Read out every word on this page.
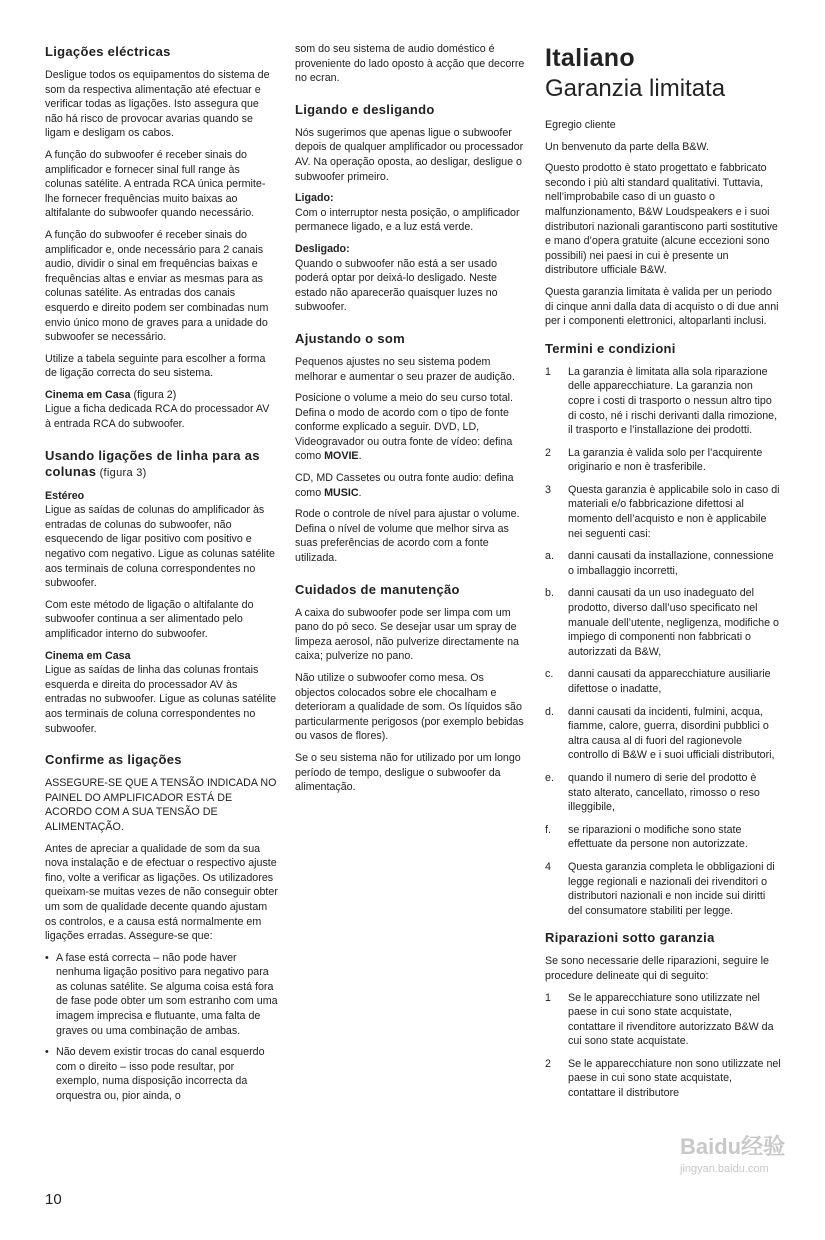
Ligações eléctricas

Desligue todos os equipamentos do sistema de som da respectiva alimentação até efectuar e verificar todas as ligações. Isto assegura que não há risco de provocar avarias quando se ligam e desligam os cabos.

A função do subwoofer é receber sinais do amplificador e fornecer sinal full range às colunas satélite. A entrada RCA única permite-lhe fornecer frequências muito baixas ao altifalante do subwoofer quando necessário.

A função do subwoofer é receber sinais do amplificador e, onde necessário para 2 canais audio, dividir o sinal em frequências baixas e frequências altas e enviar as mesmas para as colunas satélite. As entradas dos canais esquerdo e direito podem ser combinadas num envio único mono de graves para a unidade do subwoofer se necessário.

Utilize a tabela seguinte para escolher a forma de ligação correcta do seu sistema.

Cinema em Casa (figura 2)
Ligue a ficha dedicada RCA do processador AV à entrada RCA do subwoofer.

Usando ligações de linha para as colunas (figura 3)

Estéreo
Ligue as saídas de colunas do amplificador às entradas de colunas do subwoofer, não esquecendo de ligar positivo com positivo e negativo com negativo. Ligue as colunas satélite aos terminais de coluna correspondentes no subwoofer.

Com este método de ligação o altifalante do subwoofer continua a ser alimentado pelo amplificador interno do subwoofer.

Cinema em Casa
Ligue as saídas de linha das colunas frontais esquerda e direita do processador AV às entradas no subwoofer. Ligue as colunas satélite aos terminais de coluna correspondentes no subwoofer.

Confirme as ligações

ASSEGURE-SE QUE A TENSÃO INDICADA NO PAINEL DO AMPLIFICADOR ESTÁ DE ACORDO COM A SUA TENSÃO DE ALIMENTAÇÃO.

Antes de apreciar a qualidade de som da sua nova instalação e de efectuar o respectivo ajuste fino, volte a verificar as ligações. Os utilizadores queixam-se muitas vezes de não conseguir obter um som de qualidade decente quando ajustam os controlos, e a causa está normalmente em ligações erradas. Assegure-se que:

• A fase está correcta – não pode haver nenhuma ligação positivo para negativo para as colunas satélite. Se alguma coisa está fora de fase pode obter um som estranho com uma imagem imprecisa e flutuante, uma falta de graves ou uma combinação de ambas.
• Não devem existir trocas do canal esquerdo com o direito – isso pode resultar, por exemplo, numa disposição incorrecta da orquestra ou, pior ainda, o

som do seu sistema de audio doméstico é proveniente do lado oposto à acção que decorre no ecran.

Ligando e desligando

Nós sugerimos que apenas ligue o subwoofer depois de qualquer amplificador ou processador AV. Na operação oposta, ao desligar, desligue o subwoofer primeiro.

Ligado:
Com o interruptor nesta posição, o amplificador permanece ligado, e a luz está verde.

Desligado:
Quando o subwoofer não está a ser usado poderá optar por deixá-lo desligado. Neste estado não aparecerão quaisquer luzes no subwoofer.

Ajustando o som

Pequenos ajustes no seu sistema podem melhorar e aumentar o seu prazer de audição.

Posicione o volume a meio do seu curso total. Defina o modo de acordo com o tipo de fonte conforme explicado a seguir. DVD, LD, Videogravador ou outra fonte de vídeo: defina como MOVIE.

CD, MD Cassetes ou outra fonte audio: defina como MUSIC.

Rode o controle de nível para ajustar o volume. Defina o nível de volume que melhor sirva as suas preferências de acordo com a fonte utilizada.

Cuidados de manutenção

A caixa do subwoofer pode ser limpa com um pano do pó seco. Se desejar usar um spray de limpeza aerosol, não pulverize directamente na caixa; pulverize no pano.

Não utilize o subwoofer como mesa. Os objectos colocados sobre ele chocalham e deterioram a qualidade de som. Os líquidos são particularmente perigosos (por exemplo bebidas ou vasos de flores).

Se o seu sistema não for utilizado por um longo período de tempo, desligue o subwoofer da alimentação.

Italiano
Garanzia limitata

Egregio cliente

Un benvenuto da parte della B&W.

Questo prodotto è stato progettato e fabbricato secondo i più alti standard qualitativi. Tuttavia, nell’improbabile caso di un guasto o malfunzionamento, B&W Loudspeakers e i suoi distributori nazionali garantiscono parti sostitutive e mano d’opera gratuite (alcune eccezioni sono possibili) nei paesi in cui è presente un distributore ufficiale B&W.

Questa garanzia limitata è valida per un periodo di cinque anni dalla data di acquisto o di due anni per i componenti elettronici, altoparlanti inclusi.

Termini e condizioni
1 La garanzia è limitata alla sola riparazione delle apparecchiature. La garanzia non copre i costi di trasporto o nessun altro tipo di costo, né i rischi derivanti dalla rimozione, il trasporto e l’installazione dei prodotti.
2 La garanzia è valida solo per l’acquirente originario e non è trasferibile.
3 Questa garanzia è applicabile solo in caso di materiali e/o fabbricazione difettosi al momento dell’acquisto e non è applicabile nei seguenti casi:
a. danni causati da installazione, connessione o imballaggio incorretti,
b. danni causati da un uso inadeguato del prodotto, diverso dall’uso specificato nel manuale dell’utente, negligenza, modifiche o impiego di componenti non fabbricati o autorizzati da B&W,
c. danni causati da apparecchiature ausiliarie difettose o inadatte,
d. danni causati da incidenti, fulmini, acqua, fiamme, calore, guerra, disordini pubblici o altra causa al di fuori del ragionevole controllo di B&W e i suoi ufficiali distributori,
e. quando il numero di serie del prodotto è stato alterato, cancellato, rimosso o reso illeggibile,
f. se riparazioni o modifiche sono state effettuate da persone non autorizzate.
4 Questa garanzia completa le obbligazioni di legge regionali e nazionali dei rivenditori o distributori nazionali e non incide sui diritti del consumatore stabiliti per legge.
Riparazioni sotto garanzia

Se sono necessarie delle riparazioni, seguire le procedure delineate qui di seguito:

1 Se le apparecchiature sono utilizzate nel paese in cui sono state acquistate, contattare il rivenditore autorizzato B&W da cui sono state acquistate.
2 Se le apparecchiature non sono utilizzate nel paese in cui sono state acquistate, contattare il distributore
10
Baidu经验
jingyan.baidu.com
